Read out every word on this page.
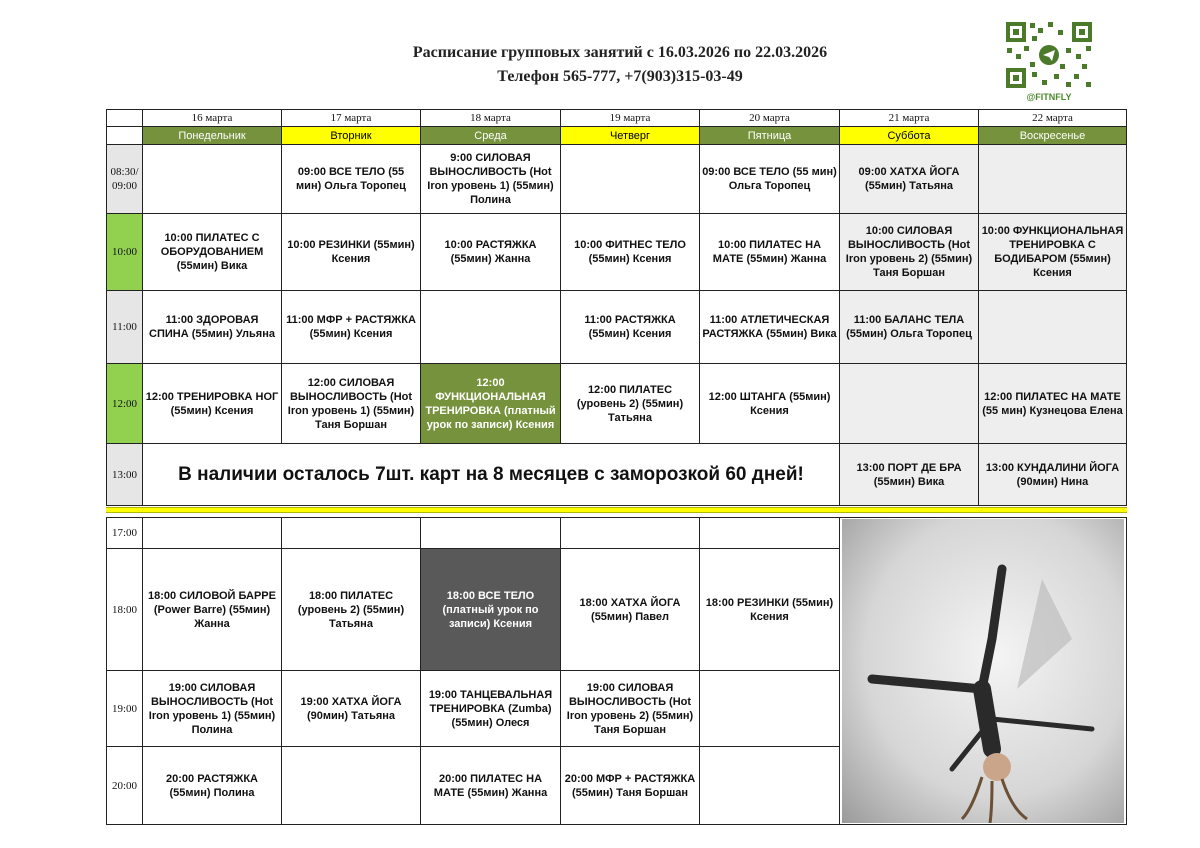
Расписание групповых занятий с 16.03.2026 по 22.03.2026
Телефон 565-777, +7(903)315-03-49
@FITNFLY
	16 марта	17 марта	18 марта	19 марта	20 марта	21 марта	22 марта
	Понедельник	Вторник	Среда	Четверг	Пятница	Суббота	Воскресенье
08:30/ 09:00		09:00 ВСЕ ТЕЛО (55 мин) Ольга Торопец	9:00 СИЛОВАЯ ВЫНОСЛИВОСТЬ (Hot Iron уровень 1) (55мин) Полина		09:00 ВСЕ ТЕЛО (55 мин) Ольга Торопец	09:00 ХАТХА ЙОГА (55мин) Татьяна	
10:00	10:00 ПИЛАТЕС С ОБОРУДОВАНИЕМ (55мин) Вика	10:00 РЕЗИНКИ (55мин) Ксения	10:00 РАСТЯЖКА (55мин) Жанна	10:00 ФИТНЕС ТЕЛО (55мин) Ксения	10:00 ПИЛАТЕС НА МАТЕ (55мин) Жанна	10:00 СИЛОВАЯ ВЫНОСЛИВОСТЬ (Hot Iron уровень 2) (55мин) Таня Боршан	10:00 ФУНКЦИОНАЛЬНАЯ ТРЕНИРОВКА С БОДИБАРОМ (55мин) Ксения
11:00	11:00 ЗДОРОВАЯ СПИНА (55мин) Ульяна	11:00 МФР + РАСТЯЖКА (55мин) Ксения		11:00 РАСТЯЖКА (55мин) Ксения	11:00 АТЛЕТИЧЕСКАЯ РАСТЯЖКА (55мин) Вика	11:00 БАЛАНС ТЕЛА (55мин) Ольга Торопец	
12:00	12:00 ТРЕНИРОВКА НОГ (55мин) Ксения	12:00 СИЛОВАЯ ВЫНОСЛИВОСТЬ (Hot Iron уровень 1) (55мин) Таня Боршан	12:00 ФУНКЦИОНАЛЬНАЯ ТРЕНИРОВКА (платный урок по записи) Ксения	12:00 ПИЛАТЕС (уровень 2) (55мин) Татьяна	12:00 ШТАНГА (55мин) Ксения		12:00 ПИЛАТЕС НА МАТЕ (55 мин) Кузнецова Елена
13:00	В наличии осталось 7шт. карт на 8 месяцев с заморозкой 60 дней!					13:00 ПОРТ ДЕ БРА (55мин) Вика	13:00 КУНДАЛИНИ ЙОГА (90мин) Нина
17:00						

18:00	18:00 СИЛОВОЙ БАРРЕ (Power Barre) (55мин) Жанна	18:00 ПИЛАТЕС (уровень 2) (55мин) Татьяна	18:00 ВСЕ ТЕЛО (платный урок по записи) Ксения	18:00 ХАТХА ЙОГА (55мин) Павел	18:00 РЕЗИНКИ (55мин) Ксения	
19:00	19:00 СИЛОВАЯ ВЫНОСЛИВОСТЬ (Hot Iron уровень 1) (55мин) Полина	19:00 ХАТХА ЙОГА (90мин) Татьяна	19:00 ТАНЦЕВАЛЬНАЯ ТРЕНИРОВКА (Zumba) (55мин) Олеся	19:00 СИЛОВАЯ ВЫНОСЛИВОСТЬ (Hot Iron уровень 2) (55мин) Таня Боршан		
20:00	20:00 РАСТЯЖКА (55мин) Полина		20:00 ПИЛАТЕС НА МАТЕ (55мин) Жанна	20:00 МФР + РАСТЯЖКА (55мин) Таня Боршан		
